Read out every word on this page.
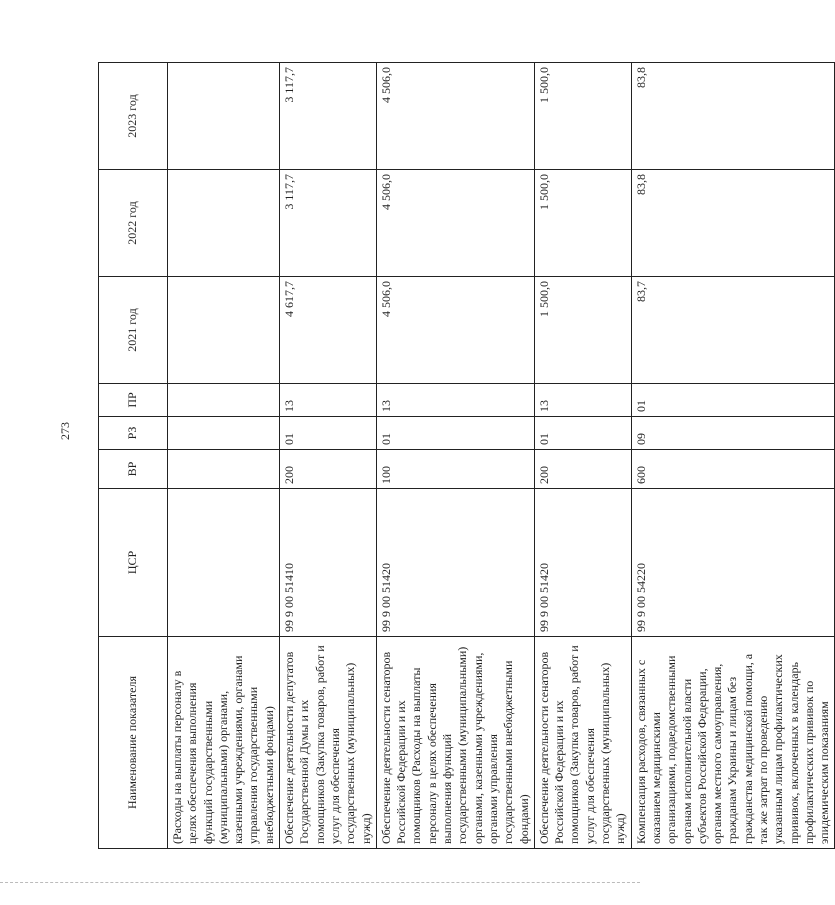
273
Наименование показателя	ЦСР	ВР	РЗ	ПР	2021 год	2022 год	2023 год
(Расходы на выплаты персоналу в целях обеспечения выполнения функций государственными (муниципальными) органами, казенными учреждениями, органами управления государственными внебюджетными фондами)							
Обеспечение деятельности депутатов Государственной Думы и их помощников (Закупка товаров, работ и услуг для обеспечения государственных (муниципальных) нужд)	99 9 00 51410	200	01	13	4 617,7	3 117,7	3 117,7
Обеспечение деятельности сенаторов Российской Федерации и их помощников (Расходы на выплаты персоналу в целях обеспечения выполнения функций государственными (муниципальными) органами, казенными учреждениями, органами управления государственными внебюджетными фондами)	99 9 00 51420	100	01	13	4 506,0	4 506,0	4 506,0
Обеспечение деятельности сенаторов Российской Федерации и их помощников (Закупка товаров, работ и услуг для обеспечения государственных (муниципальных) нужд)	99 9 00 51420	200	01	13	1 500,0	1 500,0	1 500,0
Компенсация расходов, связанных с оказанием медицинскими организациями, подведомственными органам исполнительной власти субъектов Российской Федерации, органам местного самоуправления, гражданам Украины и лицам без гражданства медицинской помощи, а так же затрат по проведению указанным лицам профилактических прививок, включенных в календарь профилактических прививок по эпидемическим показаниям	99 9 00 54220	600	09	01	83,7	83,8	83,8
